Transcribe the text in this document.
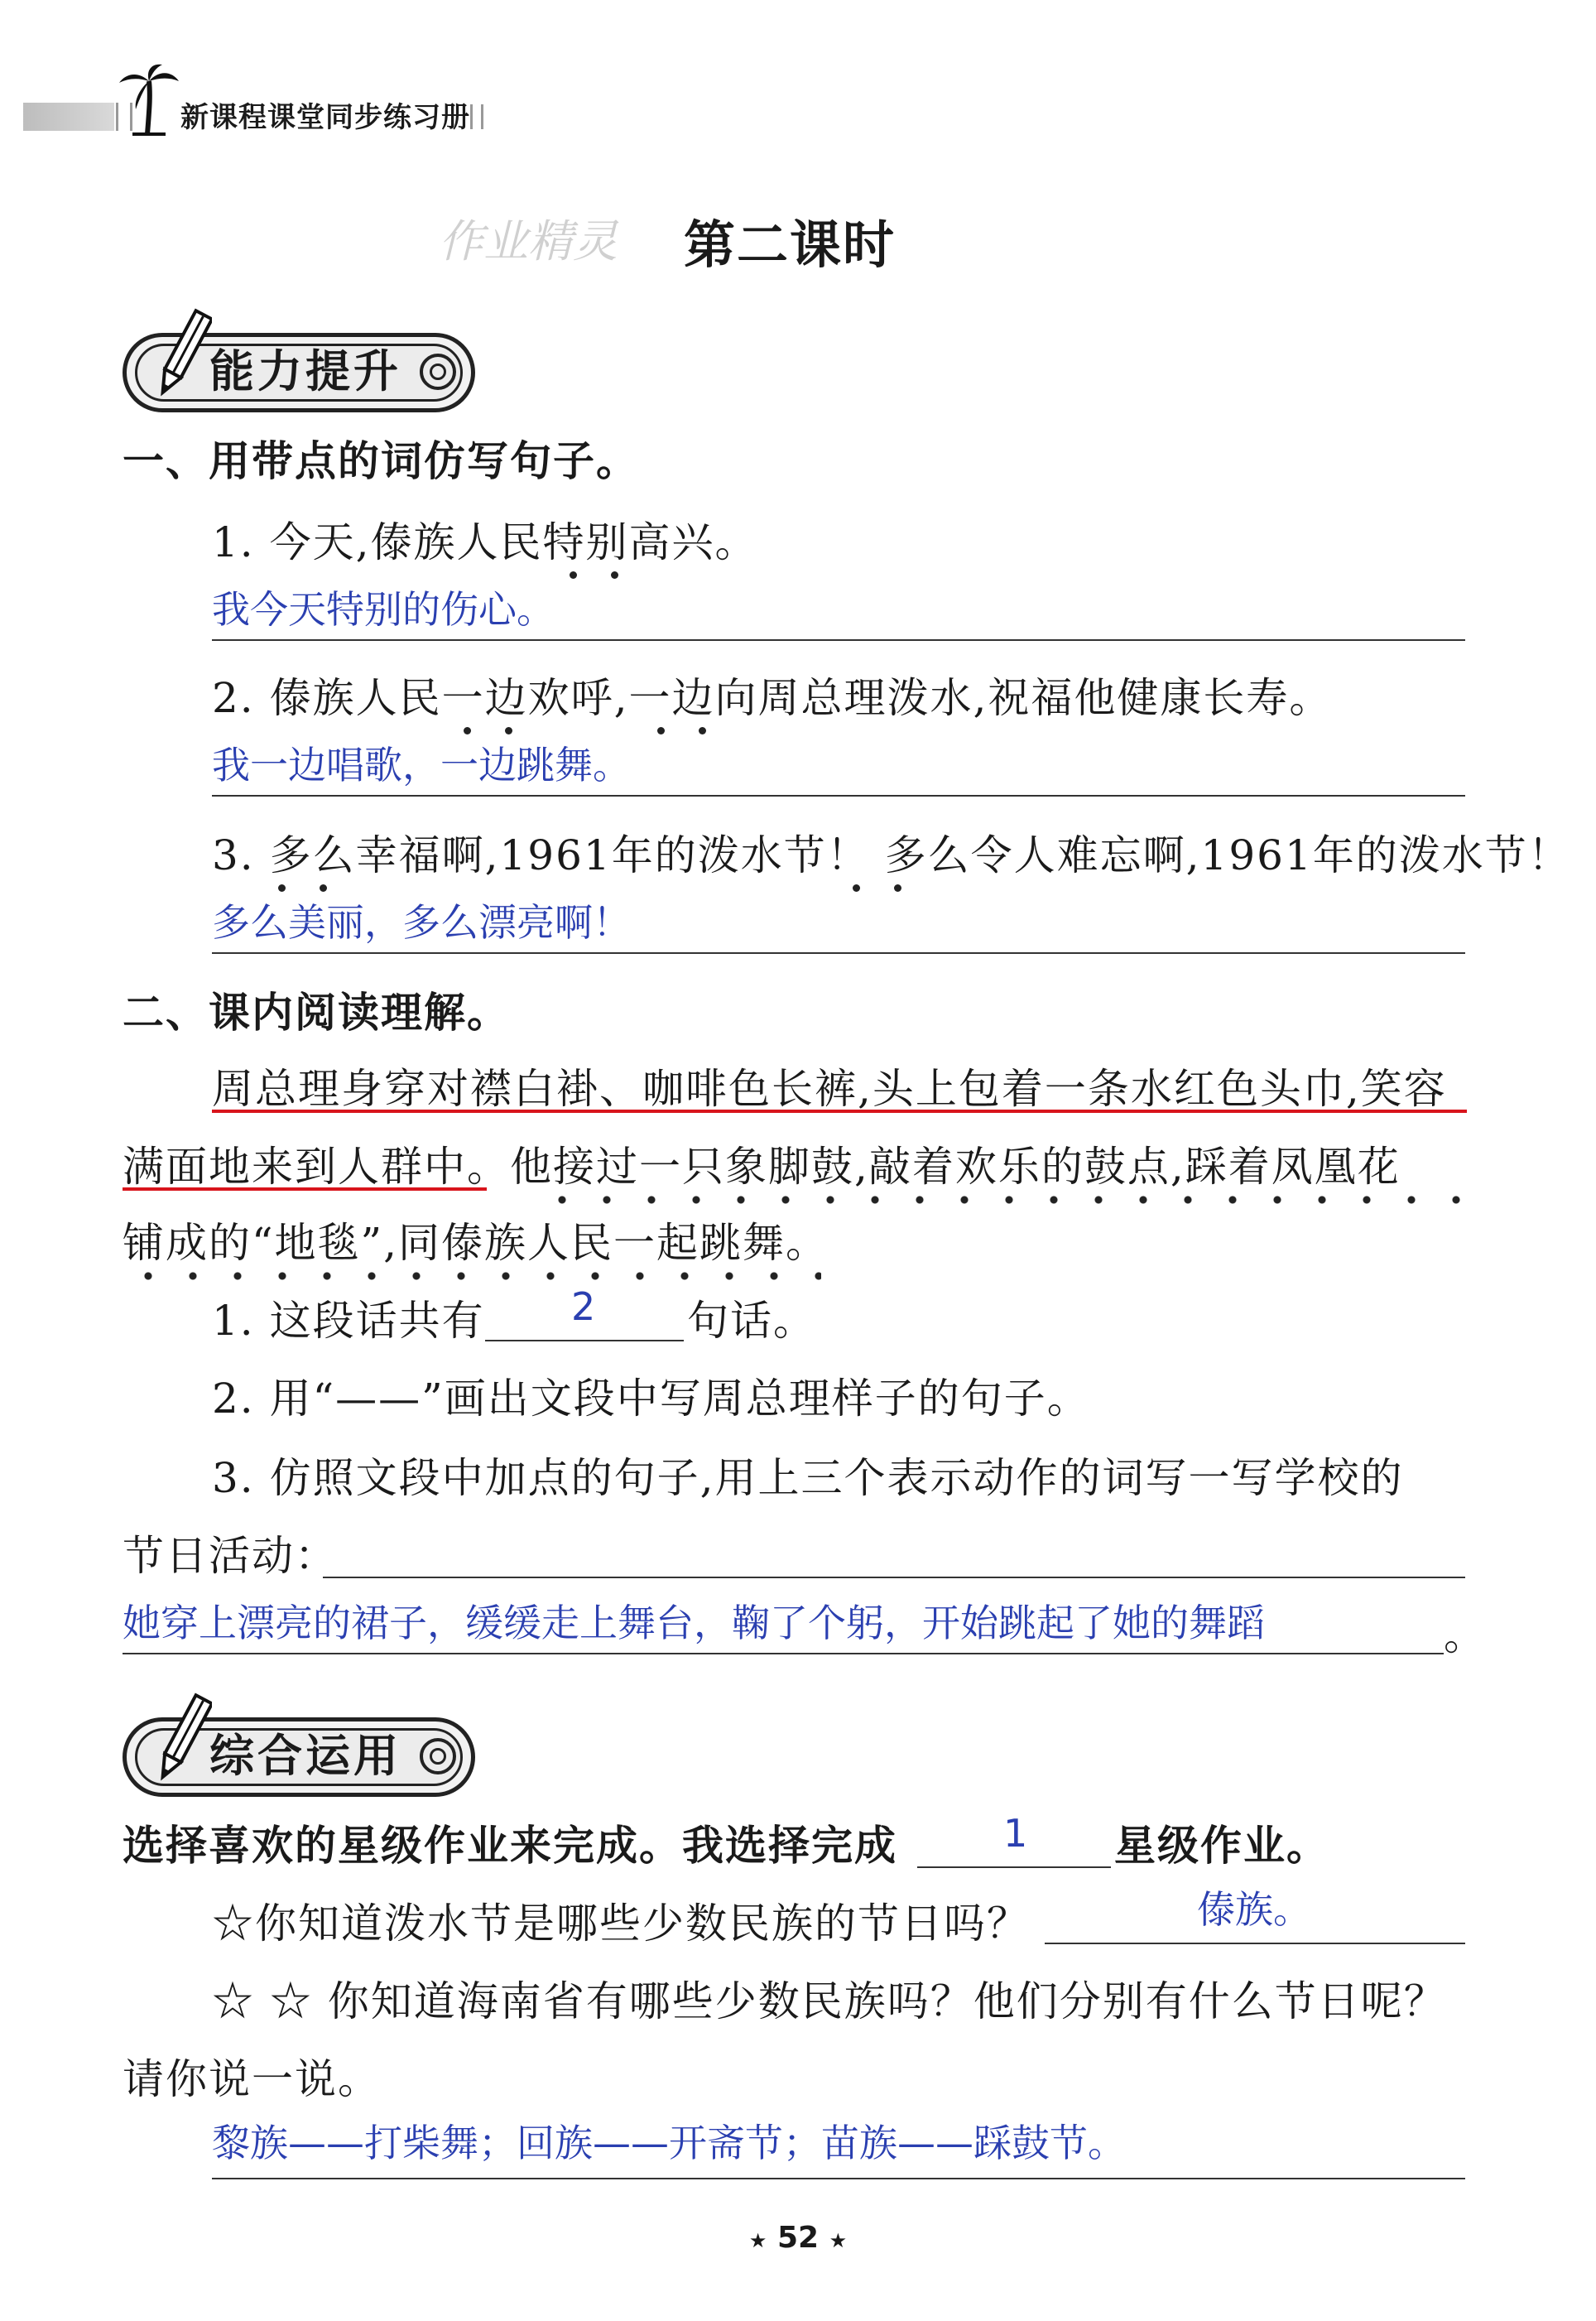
新课程课堂同步练习册
作业精灵 第二课时
能力提升
一、用带点的词仿写句子。
1. 今天,傣族人民特别高兴。
我今天特别的伤心。
2. 傣族人民一边欢呼,一边向周总理泼水,祝福他健康长寿。
我一边唱歌，一边跳舞。
3. 多么幸福啊,1961年的泼水节！ 多么令人难忘啊,1961年的泼水节！
多么美丽，多么漂亮啊！
二、课内阅读理解。
周总理身穿对襟白褂、咖啡色长裤,头上包着一条水红色头巾,笑容
满面地来到人群中。他接过一只象脚鼓,敲着欢乐的鼓点,踩着凤凰花
铺成的“地毯”,同傣族人民一起跳舞。
1. 这段话共有 2 句话。
2. 用“——”画出文段中写周总理样子的句子。
3. 仿照文段中加点的句子,用上三个表示动作的词写一写学校的
节日活动：
她穿上漂亮的裙子，缓缓走上舞台，鞠了个躬，开始跳起了她的舞蹈	。
综合运用
选择喜欢的星级作业来完成。我选择完成	1 星级作业。
☆你知道泼水节是哪些少数民族的节日吗？	傣族。
☆ ☆ 你知道海南省有哪些少数民族吗？他们分别有什么节日呢？
请你说一说。
黎族——打柴舞；回族——开斋节；苗族——踩鼓节。
★ 52 ★
